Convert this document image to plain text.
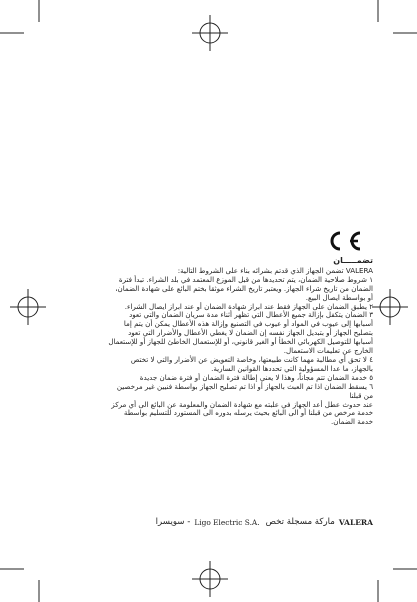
تضمـــــان

VALERA تضمن الجهاز الذي قدتم بشرائه بناء على الشروط التالية:

١ شروط صلاحية الضمان، يتم تحديدها من قبل الموزع المعتمد في بلد الشراء. تبدأ فترة الضمان من تاريخ شراء الجهاز. ويعتبر تاريخ الشراء موثقا بختم البائع على شهادة الضمان، أو بواسطة ايصال البيع.
٢ يطبق الضمان على الجهاز فقط عند ابراز شهادة الضمان أو عند ابراز ايصال الشراء.
٣ الضمان يتكفل بإزالة جميع الأعطال التي تظهر أثناء مدة سريان الضمان والتي تعود أسبابها إلى عيوب في المواد أو عيوب في التصنيع وإزالة هذه الأعطال يمكن أن يتم إما بتصليح الجهاز أو بتبديل الجهاز نفسه إن الضمان لا يغطي الأعطال والأضرار التي تعود أسبابها للتوصيل الكهربائي الخطأ أو الغير قانوني، أو للإستعمال الخاطئ للجهاز أو للإستعمال الخارج عن تعليمات الاستعمال.
٤ لا تحق أي مطالبة مهما كانت طبيعتها، وخاصة التعويض عن الأضرار والتي لا تختص بالجهاز، ما عدا المسؤولية التي تحددها القوانين السارية.
٥ خدمة الضمان تتم مجاناً، وهذا لا يعني إطالة فترة الضمان أو فترة ضمان جديدة
٦ يسقط الضمان اذا تم العبث بالجهاز أو اذا تم تصليح الجهاز بواسطة فنيين غير مرخصين من قبلنا
عند حدوث عطل أعد الجهاز في علبته مع شهادة الضمان والمعلومة عن البائع الى أي مركز خدمة مرخص من قبلنا أو الى البائع بحيث يرسله بدوره الى المستورد للتسليم بواسطة خدمة الضمان.
VALERA
ماركة مسجلة تخص
Ligo Electric S.A.
- سويسرا
